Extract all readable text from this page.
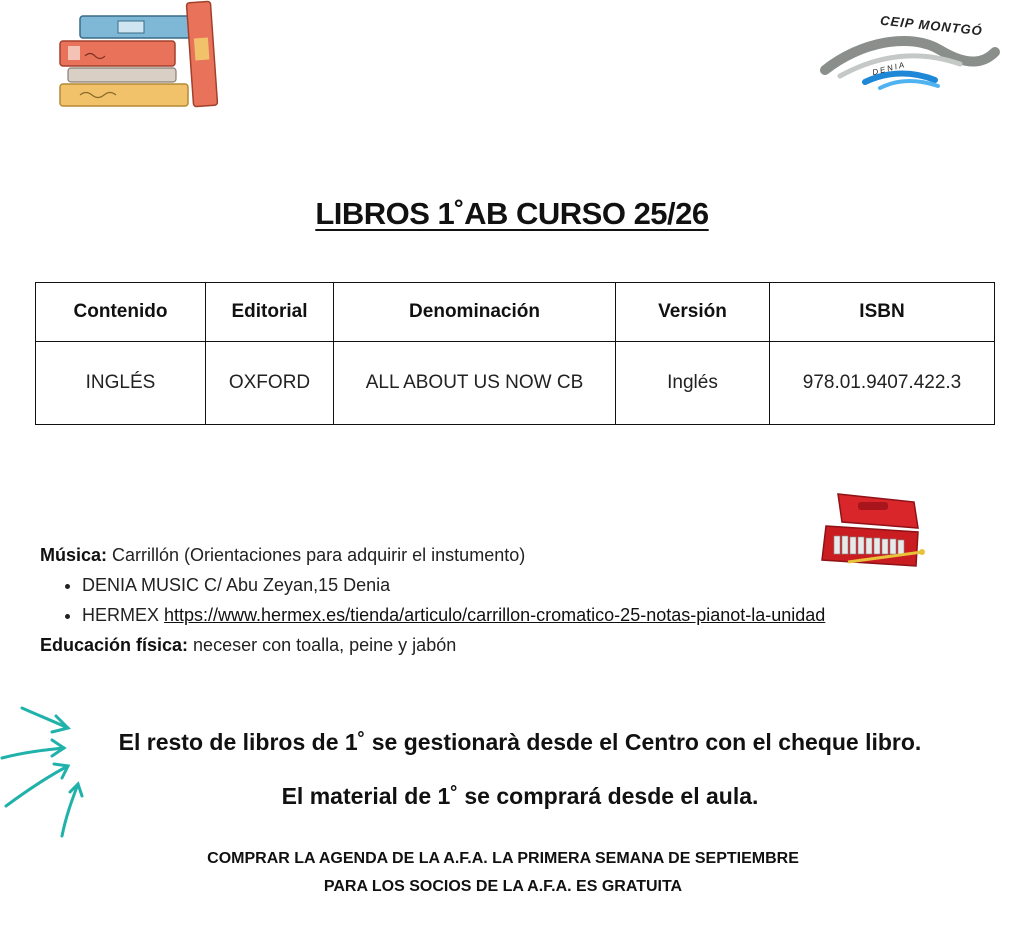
CEIP MONTGÓ
DENIA
LIBROS 1˚AB CURSO 25/26
Contenido	Editorial	Denominación	Versión	ISBN
INGLÉS	OXFORD	ALL ABOUT US NOW CB	Inglés	978.01.9407.422.3
Música: Carrillón (Orientaciones para adquirir el instumento)
• DENIA MUSIC C/ Abu Zeyan,15 Denia
• HERMEX https://www.hermex.es/tienda/articulo/carrillon-cromatico-25-notas-pianot-la-unidad
Educación física: neceser con toalla, peine y jabón
El resto de libros de 1˚ se gestionarà desde el Centro con el cheque libro.
El material de 1˚ se comprará desde el aula.
COMPRAR LA AGENDA DE LA A.F.A. LA PRIMERA SEMANA DE SEPTIEMBRE
PARA LOS SOCIOS DE LA A.F.A. ES GRATUITA
